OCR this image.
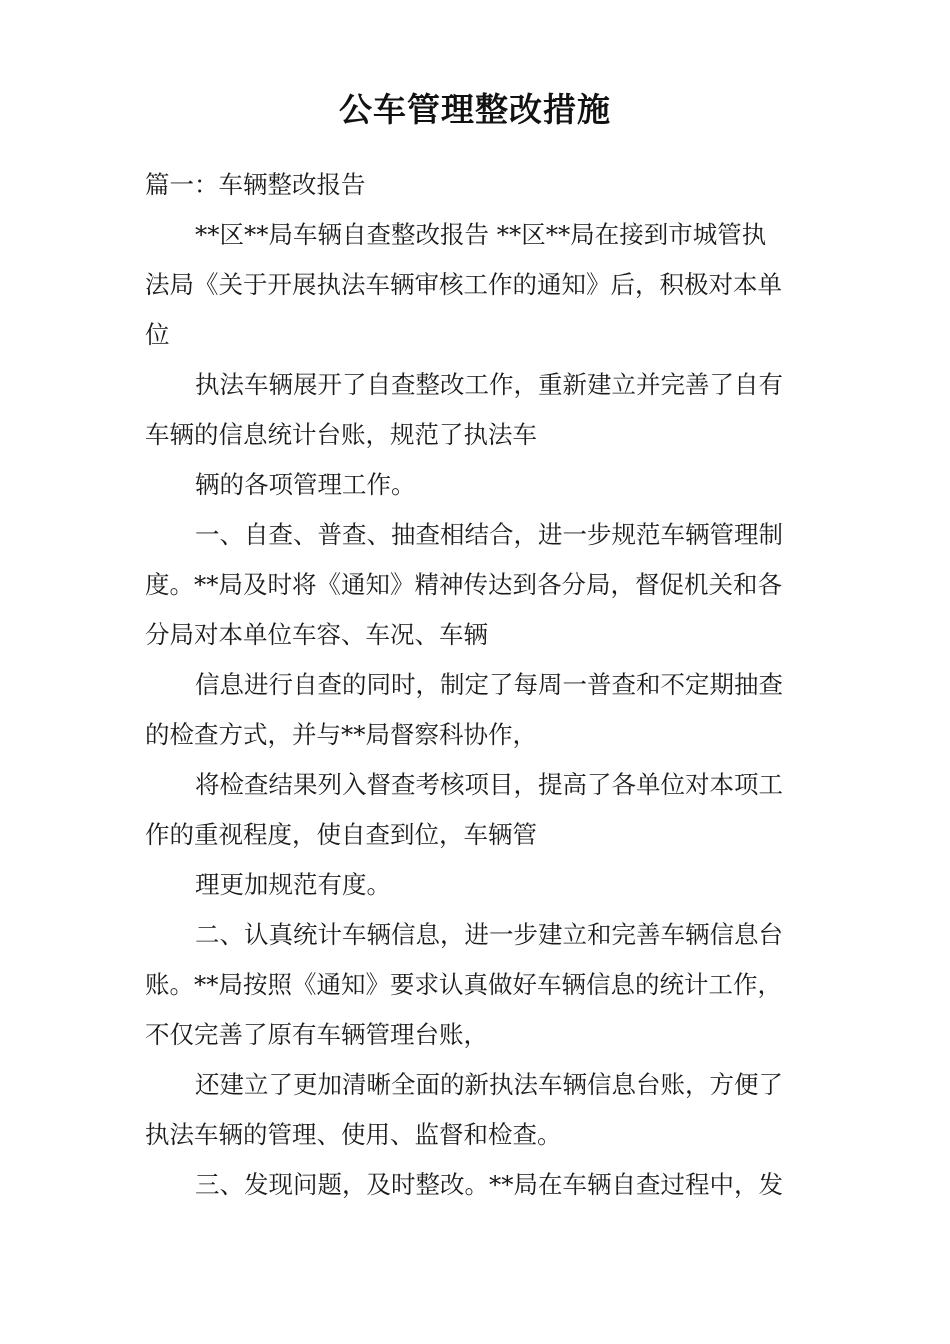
公车管理整改措施
篇一：车辆整改报告
**区**局车辆自查整改报告 **区**局在接到市城管执
法局《关于开展执法车辆审核工作的通知》后，积极对本单
位
执法车辆展开了自查整改工作，重新建立并完善了自有
车辆的信息统计台账，规范了执法车
辆的各项管理工作。
一、自查、普查、抽查相结合，进一步规范车辆管理制
度。**局及时将《通知》精神传达到各分局，督促机关和各
分局对本单位车容、车况、车辆
信息进行自查的同时，制定了每周一普查和不定期抽查
的检查方式，并与**局督察科协作，
将检查结果列入督查考核项目，提高了各单位对本项工
作的重视程度，使自查到位，车辆管
理更加规范有度。
二、认真统计车辆信息，进一步建立和完善车辆信息台
账。**局按照《通知》要求认真做好车辆信息的统计工作，
不仅完善了原有车辆管理台账，
还建立了更加清晰全面的新执法车辆信息台账，方便了
执法车辆的管理、使用、监督和检查。
三、发现问题，及时整改。**局在车辆自查过程中，发
